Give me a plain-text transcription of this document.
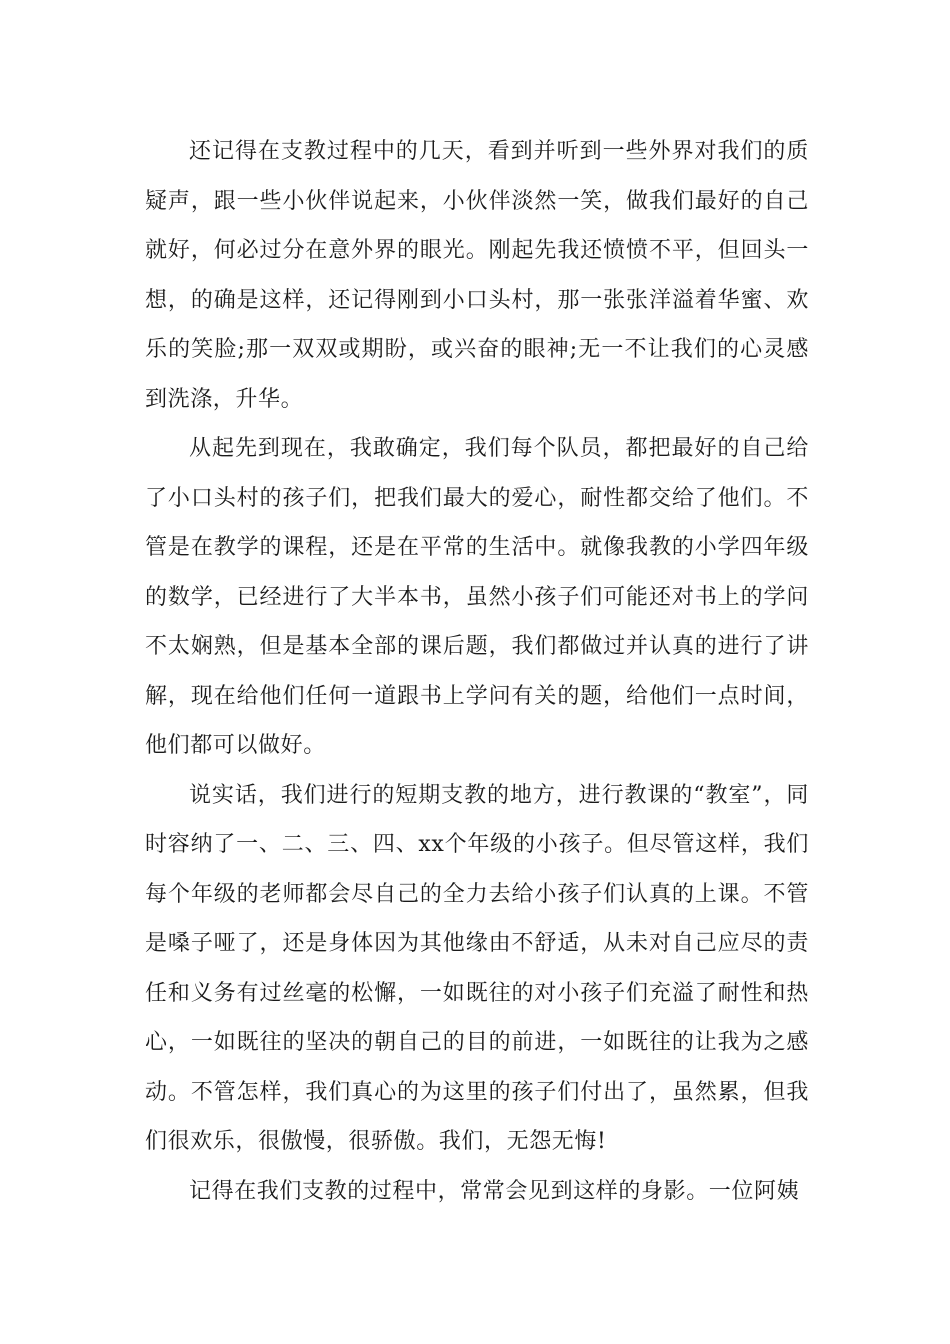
还记得在支教过程中的几天，看到并听到一些外界对我们的质疑声，跟一些小伙伴说起来，小伙伴淡然一笑，做我们最好的自己就好，何必过分在意外界的眼光。刚起先我还愤愤不平，但回头一想，的确是这样，还记得刚到小口头村，那一张张洋溢着华蜜、欢乐的笑脸;那一双双或期盼，或兴奋的眼神;无一不让我们的心灵感到洗涤，升华。

从起先到现在，我敢确定，我们每个队员，都把最好的自己给了小口头村的孩子们，把我们最大的爱心，耐性都交给了他们。不管是在教学的课程，还是在平常的生活中。就像我教的小学四年级的数学，已经进行了大半本书，虽然小孩子们可能还对书上的学问不太娴熟，但是基本全部的课后题，我们都做过并认真的进行了讲解，现在给他们任何一道跟书上学问有关的题，给他们一点时间，他们都可以做好。

说实话，我们进行的短期支教的地方，进行教课的“教室”，同时容纳了一、二、三、四、xx个年级的小孩子。但尽管这样，我们每个年级的老师都会尽自己的全力去给小孩子们认真的上课。不管是嗓子哑了，还是身体因为其他缘由不舒适，从未对自己应尽的责任和义务有过丝毫的松懈，一如既往的对小孩子们充溢了耐性和热心，一如既往的坚决的朝自己的目的前进，一如既往的让我为之感动。不管怎样，我们真心的为这里的孩子们付出了，虽然累，但我们很欢乐，很傲慢，很骄傲。我们，无怨无悔!

记得在我们支教的过程中，常常会见到这样的身影。一位阿姨
